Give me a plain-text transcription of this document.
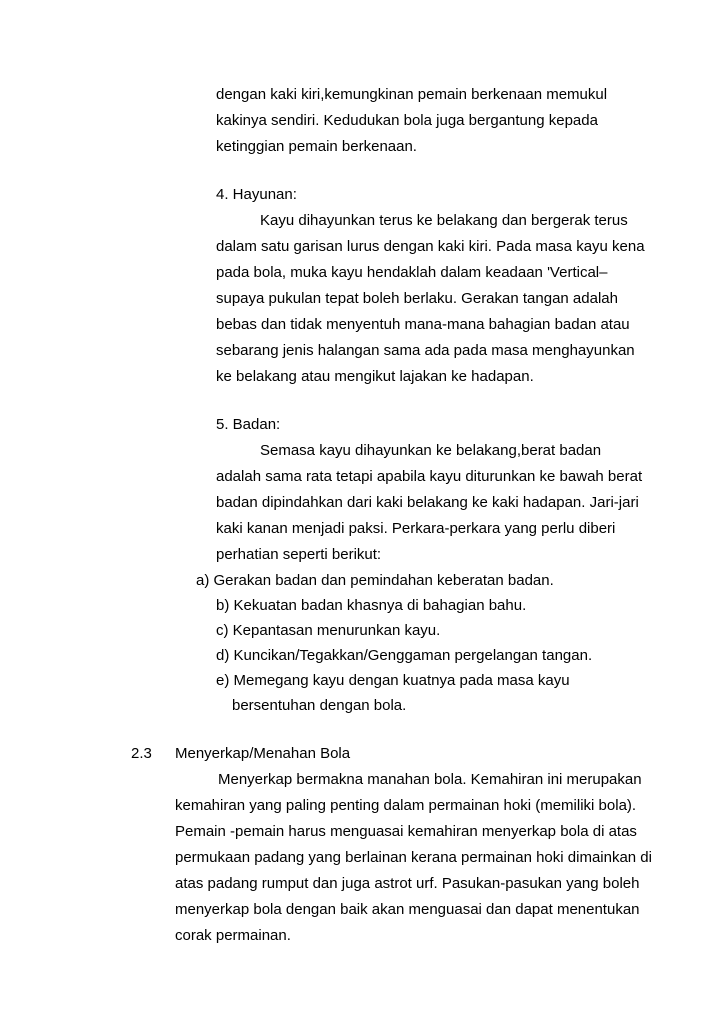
dengan kaki kiri,kemungkinan pemain berkenaan memukul
kakinya sendiri. Kedudukan bola juga bergantung kepada
ketinggian pemain berkenaan.
4. Hayunan:
Kayu dihayunkan terus ke belakang dan bergerak terus
dalam satu garisan lurus dengan kaki kiri. Pada masa kayu kena
pada bola, muka kayu hendaklah dalam keadaan 'Vertical–
supaya pukulan tepat boleh berlaku. Gerakan tangan adalah
bebas dan tidak menyentuh mana-mana bahagian badan atau
sebarang jenis halangan sama ada pada masa menghayunkan
ke belakang atau mengikut lajakan ke hadapan.
5. Badan:
Semasa kayu dihayunkan ke belakang,berat badan
adalah sama rata tetapi apabila kayu diturunkan ke bawah berat
badan dipindahkan dari kaki belakang ke kaki hadapan. Jari-jari
kaki kanan menjadi paksi. Perkara-perkara yang perlu diberi
perhatian seperti berikut:
a) Gerakan badan dan pemindahan keberatan badan.
b) Kekuatan badan khasnya di bahagian bahu.
c) Kepantasan menurunkan kayu.
d) Kuncikan/Tegakkan/Genggaman pergelangan tangan.
e) Memegang kayu dengan kuatnya pada masa kayu
bersentuhan dengan bola.
2.3 Menyerkap/Menahan Bola
Menyerkap bermakna manahan bola. Kemahiran ini merupakan
kemahiran yang paling penting dalam permainan hoki (memiliki bola).
Pemain -pemain harus menguasai kemahiran menyerkap bola di atas
permukaan padang yang berlainan kerana permainan hoki dimainkan di
atas padang rumput dan juga astrot urf. Pasukan-pasukan yang boleh
menyerkap bola dengan baik akan menguasai dan dapat menentukan
corak permainan.
